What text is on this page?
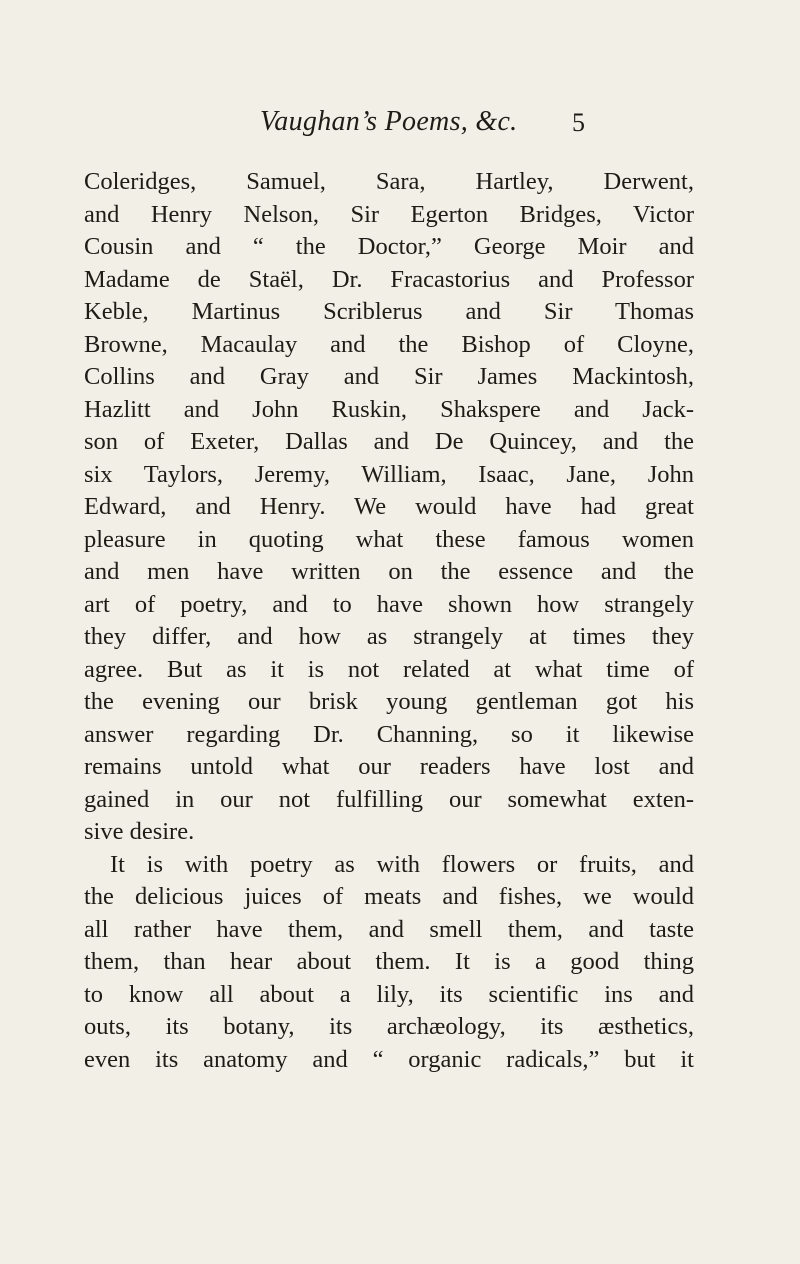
Vaughan’s Poems, &c. 5
Coleridges, Samuel, Sara, Hartley, Derwent,
and Henry Nelson, Sir Egerton Bridges, Victor
Cousin and “ the Doctor,” George Moir and
Madame de Staël, Dr. Fracastorius and Professor
Keble, Martinus Scriblerus and Sir Thomas
Browne, Macaulay and the Bishop of Cloyne,
Collins and Gray and Sir James Mackintosh,
Hazlitt and John Ruskin, Shakspere and Jack-
son of Exeter, Dallas and De Quincey, and the
six Taylors, Jeremy, William, Isaac, Jane, John
Edward, and Henry. We would have had great
pleasure in quoting what these famous women
and men have written on the essence and the
art of poetry, and to have shown how strangely
they differ, and how as strangely at times they
agree. But as it is not related at what time of
the evening our brisk young gentleman got his
answer regarding Dr. Channing, so it likewise
remains untold what our readers have lost and
gained in our not fulfilling our somewhat exten-
sive desire.
It is with poetry as with flowers or fruits, and
the delicious juices of meats and fishes, we would
all rather have them, and smell them, and taste
them, than hear about them. It is a good thing
to know all about a lily, its scientific ins and
outs, its botany, its archæology, its æsthetics,
even its anatomy and “ organic radicals,” but it
